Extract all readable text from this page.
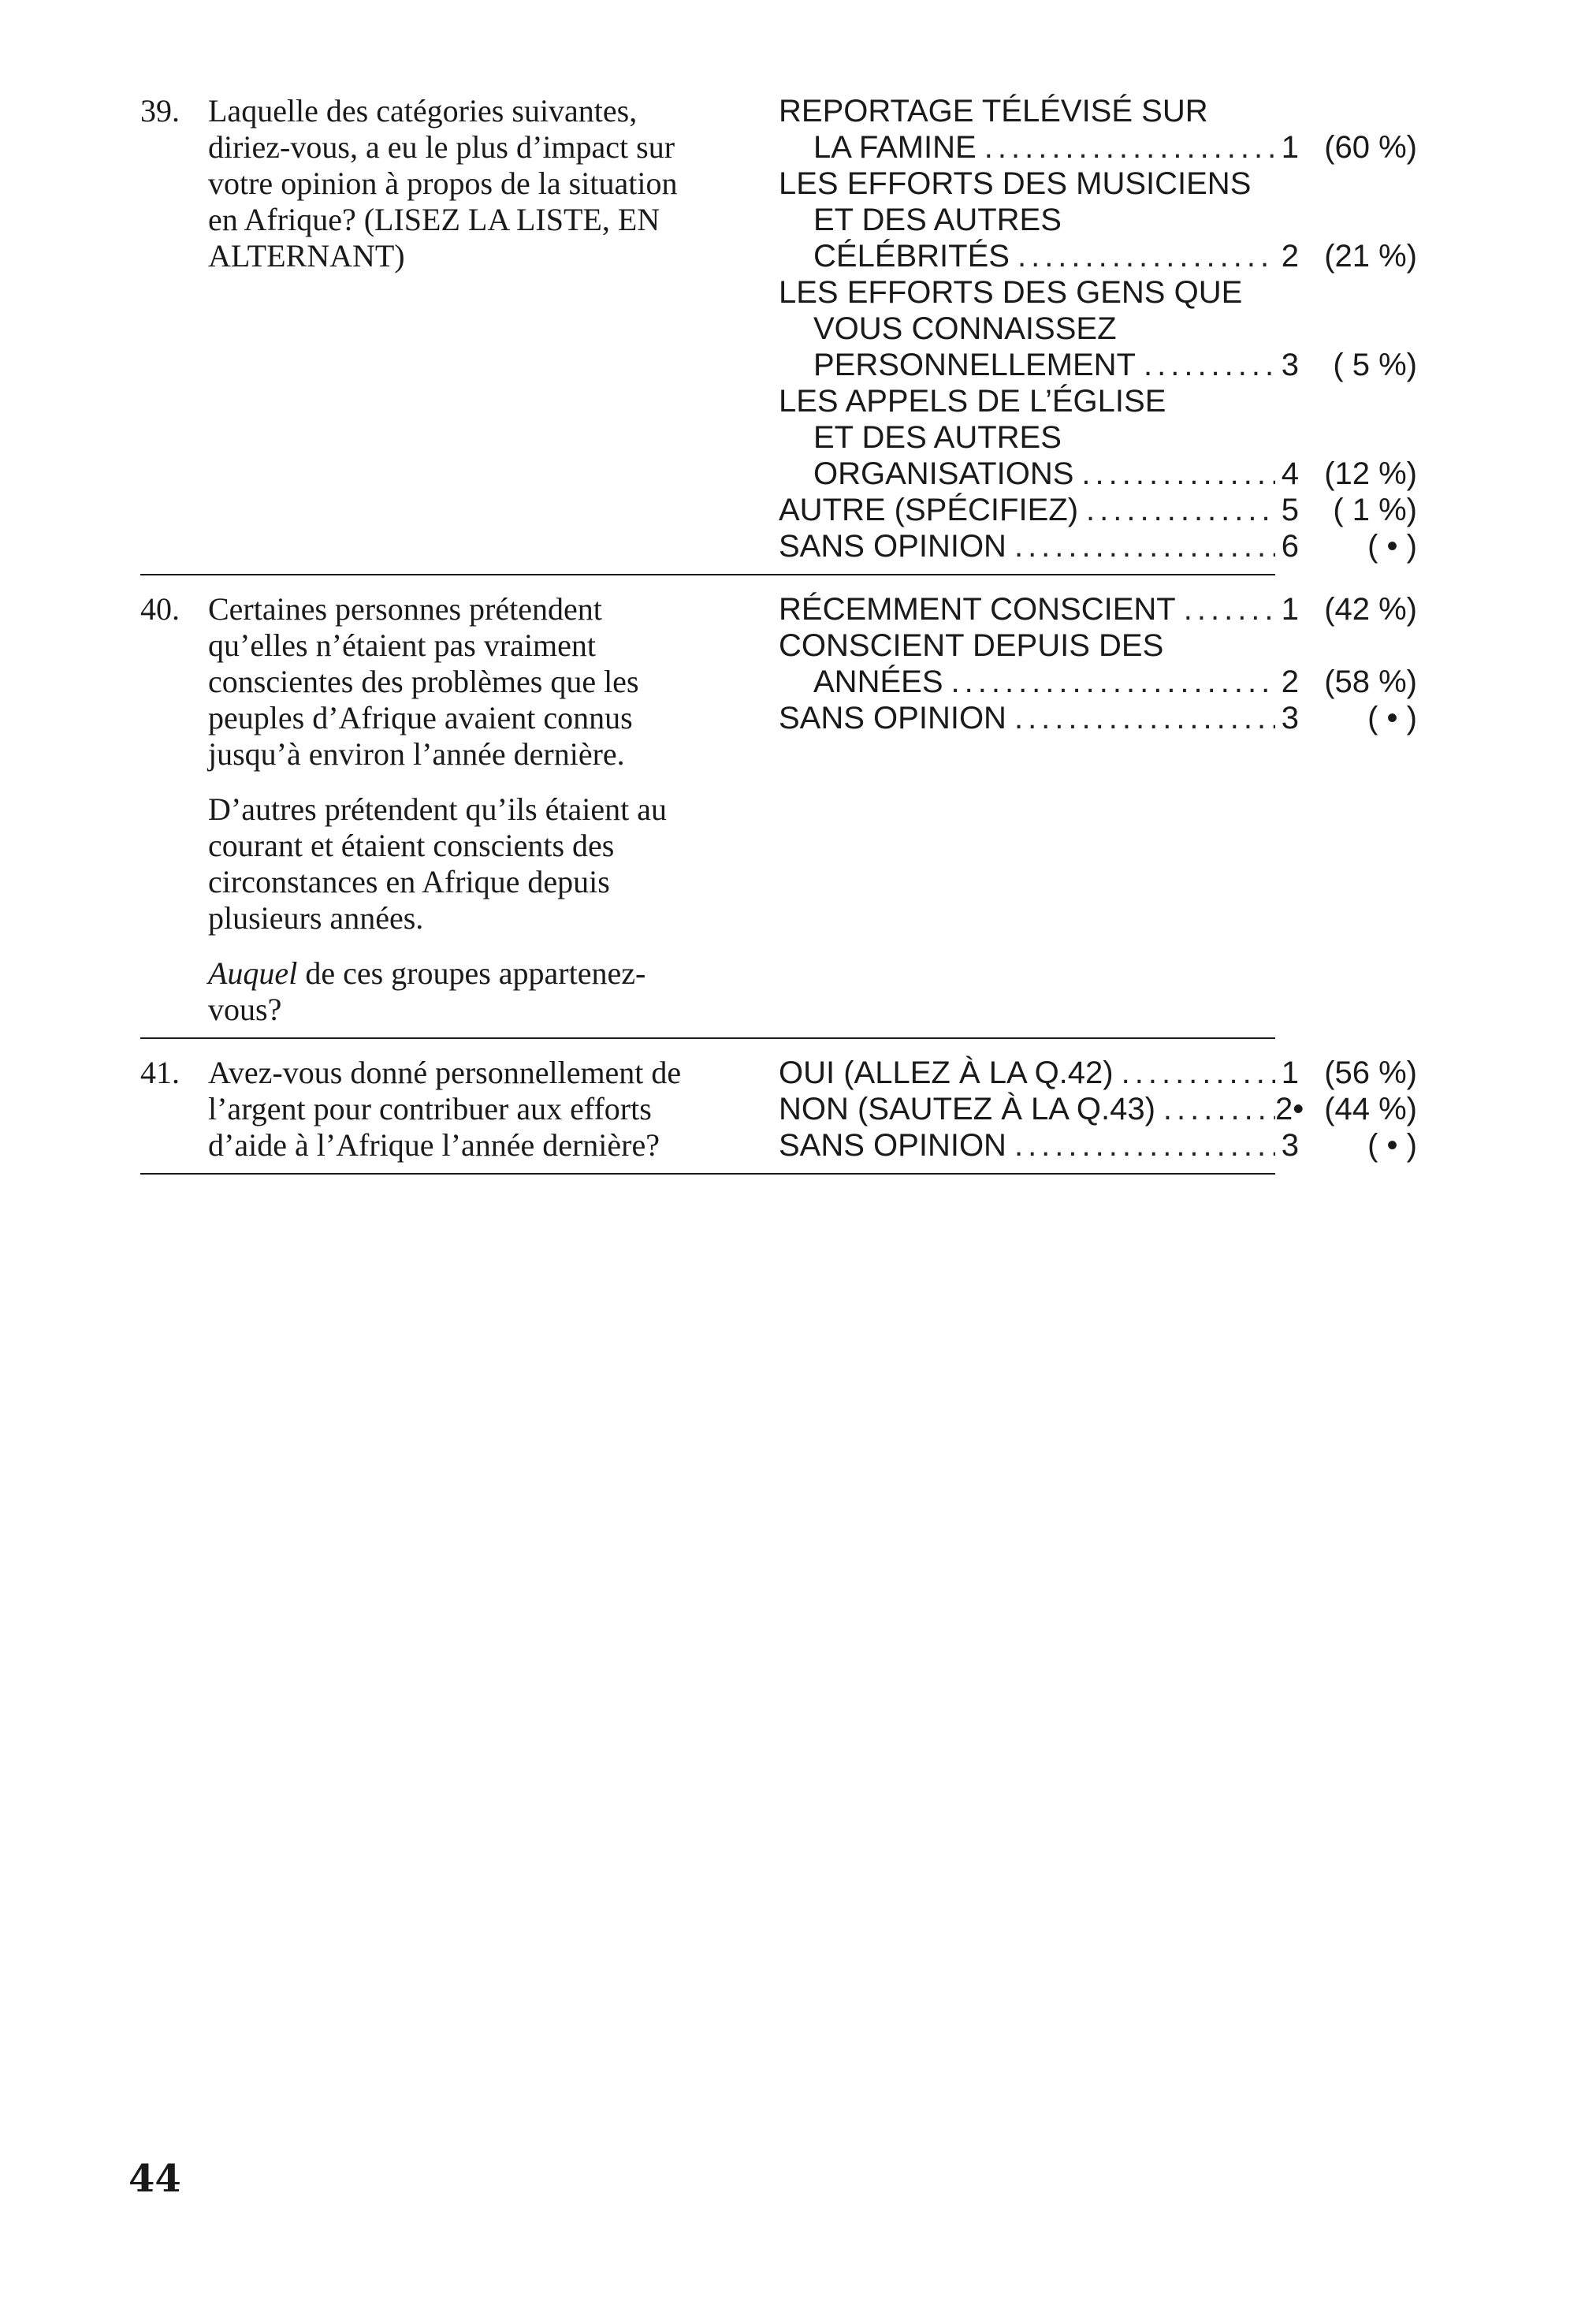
39. Laquelle des catégories suivantes, diriez-vous, a eu le plus d’impact sur votre opinion à propos de la situation en Afrique? (LISEZ LA LISTE, EN ALTERNANT)

REPORTAGE TÉLÉVISÉ SUR
LA FAMINE .....	1 (60 %)
LES EFFORTS DES MUSICIENS
ET DES AUTRES
CÉLÉBRITÉS .....	2 (21 %)
LES EFFORTS DES GENS QUE
VOUS CONNAISSEZ
PERSONNELLEMENT .....	3	( 5 %)
LES APPELS DE L’ÉGLISE
ET DES AUTRES
ORGANISATIONS .....	4 (12 %)
AUTRE (SPÉCIFIEZ) .....	5	( 1 %)
SANS OPINION .....	6	( • )
40. Certaines personnes prétendent qu’elles n’étaient pas vraiment conscientes des problèmes que les peuples d’Afrique avaient connus jusqu’à environ l’année dernière.

D’autres prétendent qu’ils étaient au courant et étaient conscients des circonstances en Afrique depuis plusieurs années.

Auquel de ces groupes appartenez-vous?

RÉCEMMENT CONSCIENT .....	1 (42 %)
CONSCIENT DEPUIS DES
ANNÉES .....	2 (58 %)
SANS OPINION .....	3	( • )
41. Avez-vous donné personnellement de l’argent pour contribuer aux efforts d’aide à l’Afrique l’année dernière?

OUI (ALLEZ À LA Q.42) .....	1 (56 %)
NON (SAUTEZ À LA Q.43) .....	2• (44 %)
SANS OPINION .....	3	( • )
44
